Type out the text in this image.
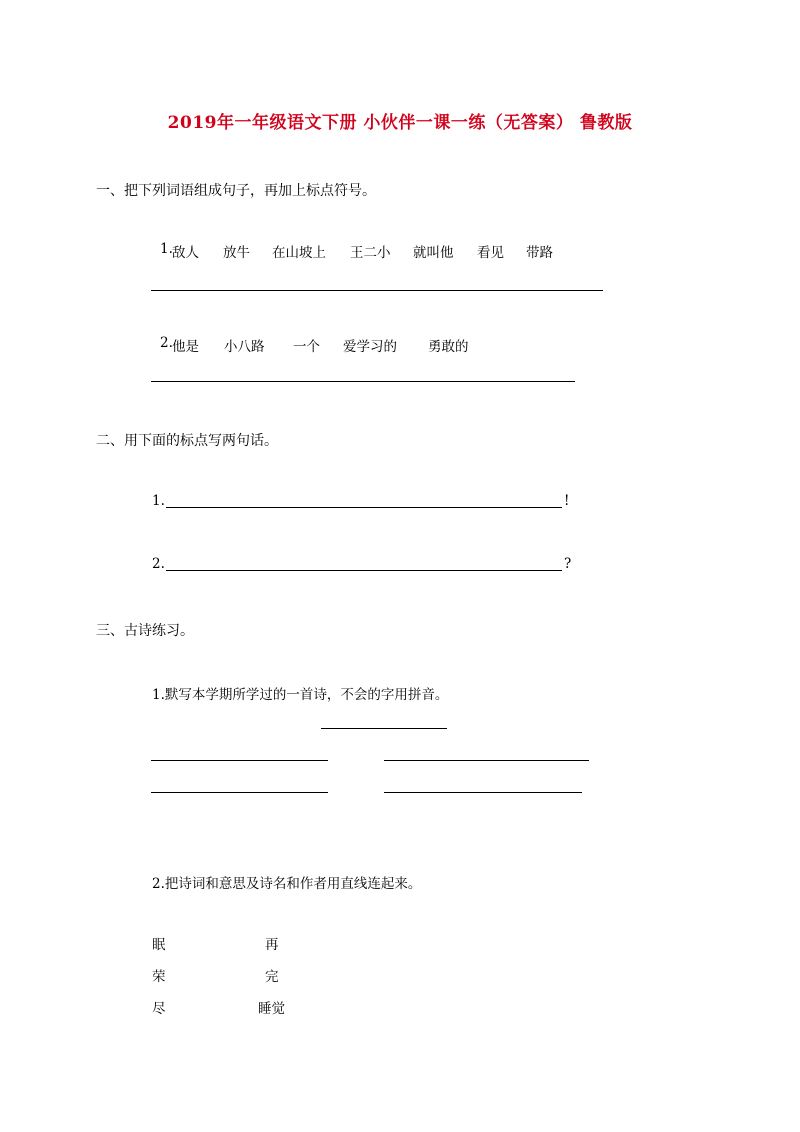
2019年一年级语文下册 小伙伴一课一练（无答案） 鲁教版
一、把下列词语组成句子，再加上标点符号。
1. 敌人 放牛 在山坡上 王二小 就叫他 看见 带路
2. 他是 小八路 一个 爱学习的 勇敢的
二、用下面的标点写两句话。
1.	!
2.	?
三、古诗练习。
1.默写本学期所学过的一首诗，不会的字用拼音。
2.把诗词和意思及诗名和作者用直线连起来。
眠
荣
尽
再
完
睡觉
